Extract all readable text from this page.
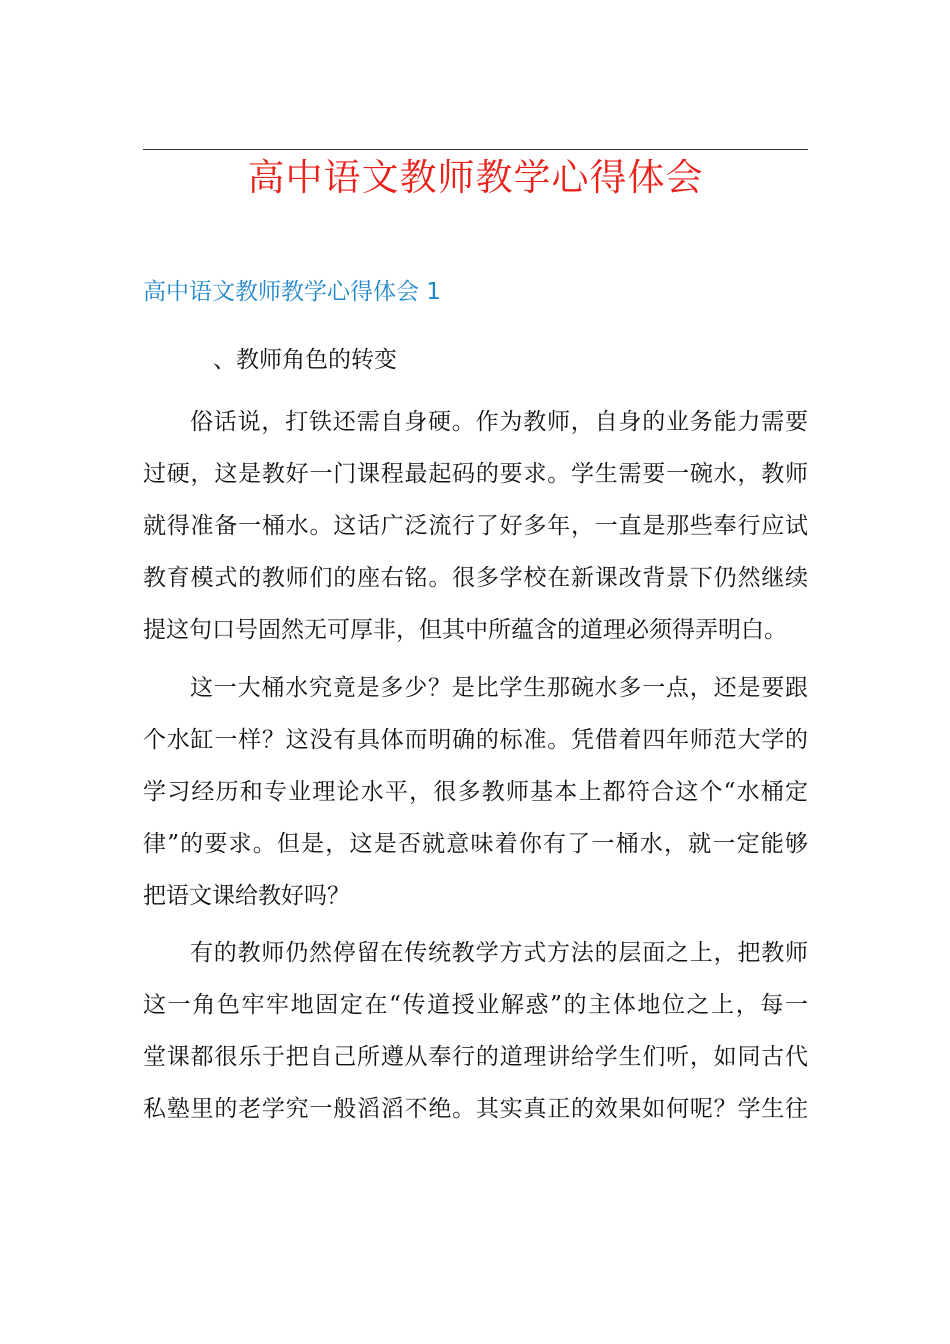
高中语文教师教学心得体会
高中语文教师教学心得体会 1
、教师角色的转变
俗话说，打铁还需自身硬。作为教师，自身的业务能力需要
过硬，这是教好一门课程最起码的要求。学生需要一碗水，教师
就得准备一桶水。这话广泛流行了好多年，一直是那些奉行应试
教育模式的教师们的座右铭。很多学校在新课改背景下仍然继续
提这句口号固然无可厚非，但其中所蕴含的道理必须得弄明白。
这一大桶水究竟是多少？是比学生那碗水多一点，还是要跟
个水缸一样？这没有具体而明确的标准。凭借着四年师范大学的
学习经历和专业理论水平，很多教师基本上都符合这个“水桶定
律”的要求。但是，这是否就意味着你有了一桶水，就一定能够
把语文课给教好吗？
有的教师仍然停留在传统教学方式方法的层面之上，把教师
这一角色牢牢地固定在“传道授业解惑”的主体地位之上，每一
堂课都很乐于把自己所遵从奉行的道理讲给学生们听，如同古代
私塾里的老学究一般滔滔不绝。其实真正的效果如何呢？学生往
